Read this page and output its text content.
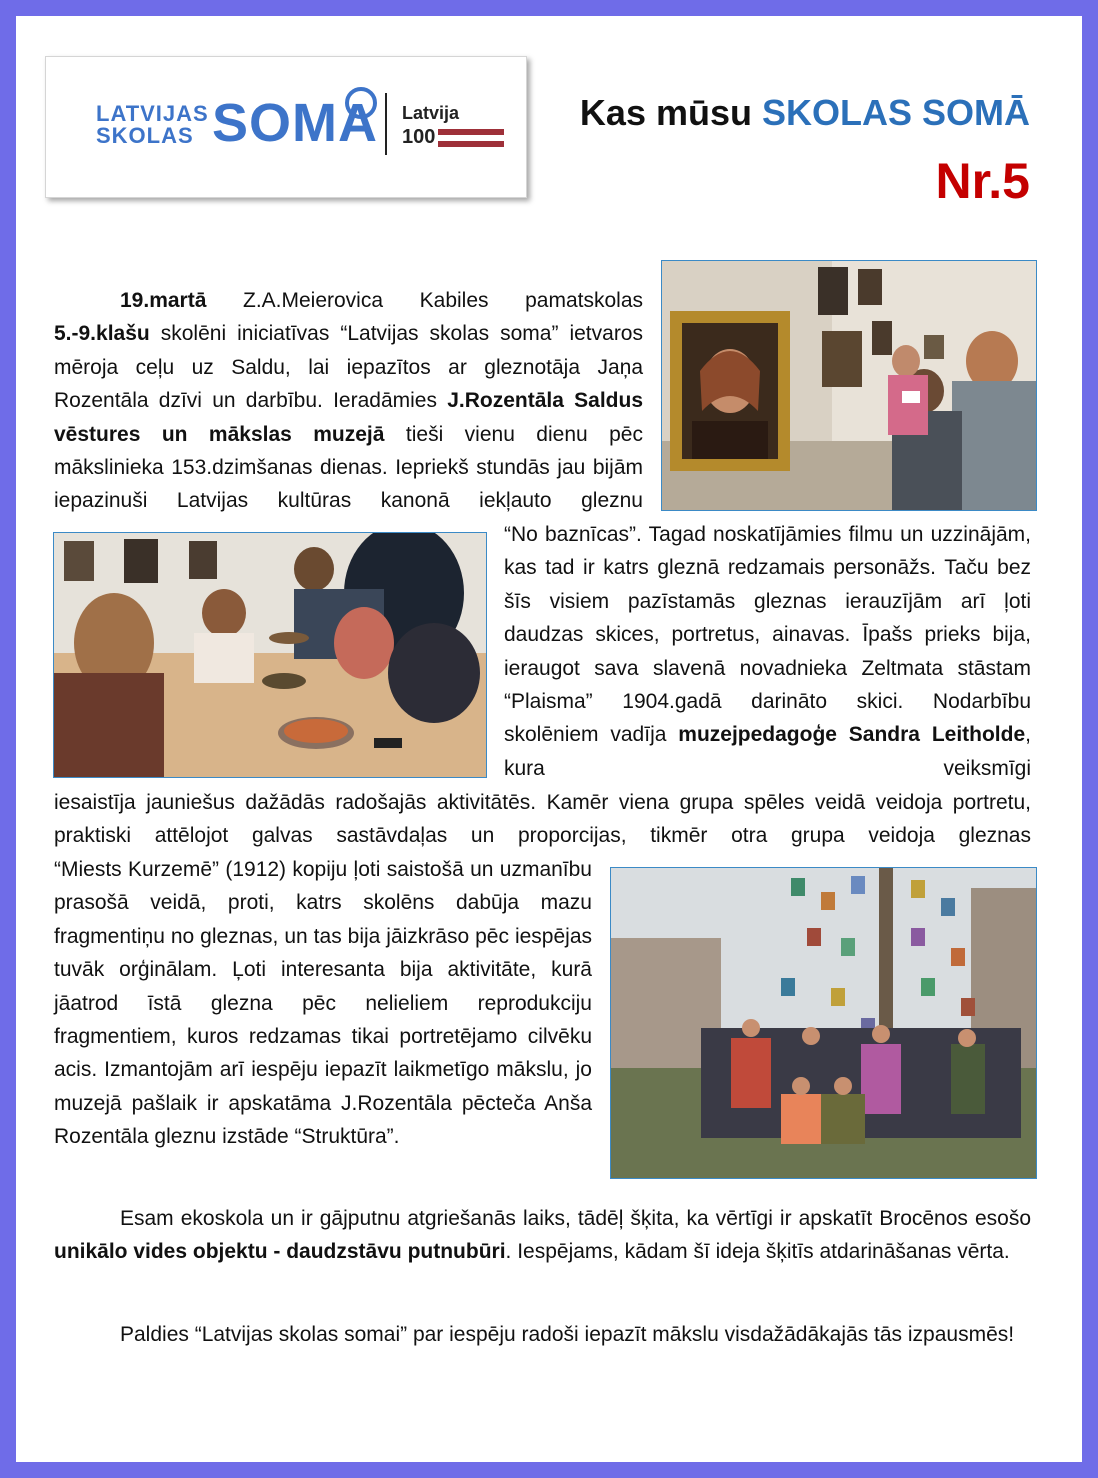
LATVIJAS
SKOLAS SOMA Latvija
100
Kas mūsu SKOLAS SOMĀ
Nr.5

19.martā Z.A.Meierovica Kabiles pamatskolas 5.-9.klašu skolēni iniciatīvas “Latvijas skolas soma” ietvaros mēroja ceļu uz Saldu, lai iepazītos ar gleznotāja Jaņa Rozentāla dzīvi un darbību. Ieradāmies J.Rozentāla Saldus vēstures un mākslas muzejā tieši vienu dienu pēc mākslinieka 153.dzimšanas dienas. Iepriekš stundās jau bijām iepazinuši Latvijas kultūras kanonā iekļauto gleznu

“No baznīcas”. Tagad noskatījāmies filmu un uzzinājām, kas tad ir katrs gleznā redzamais personāžs. Taču bez šīs visiem pazīstamās gleznas ierauzījām arī ļoti daudzas skices, portretus, ainavas. Īpašs prieks bija, ieraugot sava slavenā novadnieka Zeltmata stāstam “Plaisma” 1904.gadā darināto skici. Nodarbību skolēniem vadīja muzejpedagoģe Sandra Leitholde, kura veiksmīgi

iesaistīja jauniešus dažādās radošajās aktivitātēs. Kamēr viena grupa spēles veidā veidoja portretu, praktiski attēlojot galvas sastāvdaļas un proporcijas, tikmēr otra grupa veidoja gleznas

“Miests Kurzemē” (1912) kopiju ļoti saistošā un uzmanību prasošā veidā, proti, katrs skolēns dabūja mazu fragmentiņu no gleznas, un tas bija jāizkrāso pēc iespējas tuvāk orģinālam. Ļoti interesanta bija aktivitāte, kurā jāatrod īstā glezna pēc nelieliem reprodukciju fragmentiem, kuros redzamas tikai portretējamo cilvēku acis. Izmantojām arī iespēju iepazīt laikmetīgo mākslu, jo muzejā pašlaik ir apskatāma J.Rozentāla pēcteča Anša Rozentāla gleznu izstāde “Struktūra”.

Esam ekoskola un ir gājputnu atgriešanās laiks, tādēļ šķita, ka vērtīgi ir apskatīt Brocēnos esošo unikālo vides objektu - daudzstāvu putnubūri. Iespējams, kādam šī ideja šķitīs atdarināšanas vērta.

Paldies “Latvijas skolas somai” par iespēju radoši iepazīt mākslu visdažādākajās tās izpausmēs!
